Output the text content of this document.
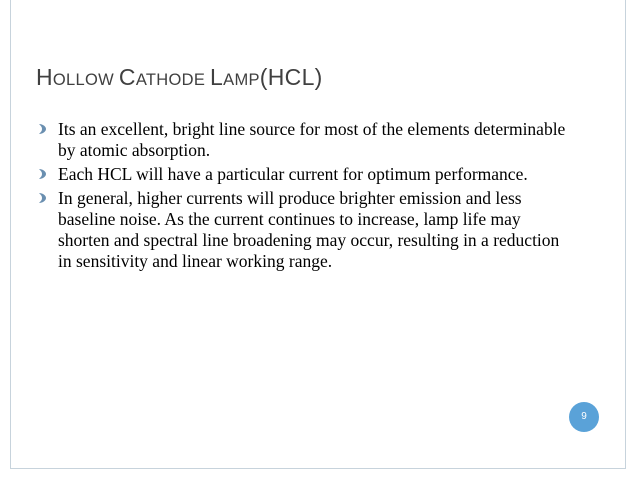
HOLLOW CATHODE LAMP(HCL)
Its an excellent, bright line source for most of the elements determinable by atomic absorption.
Each HCL will have a particular current for optimum performance.
In general, higher currents will produce brighter emission and less baseline noise. As the current continues to increase, lamp life may shorten and spectral line broadening may occur, resulting in a reduction in sensitivity and linear working range.
9
